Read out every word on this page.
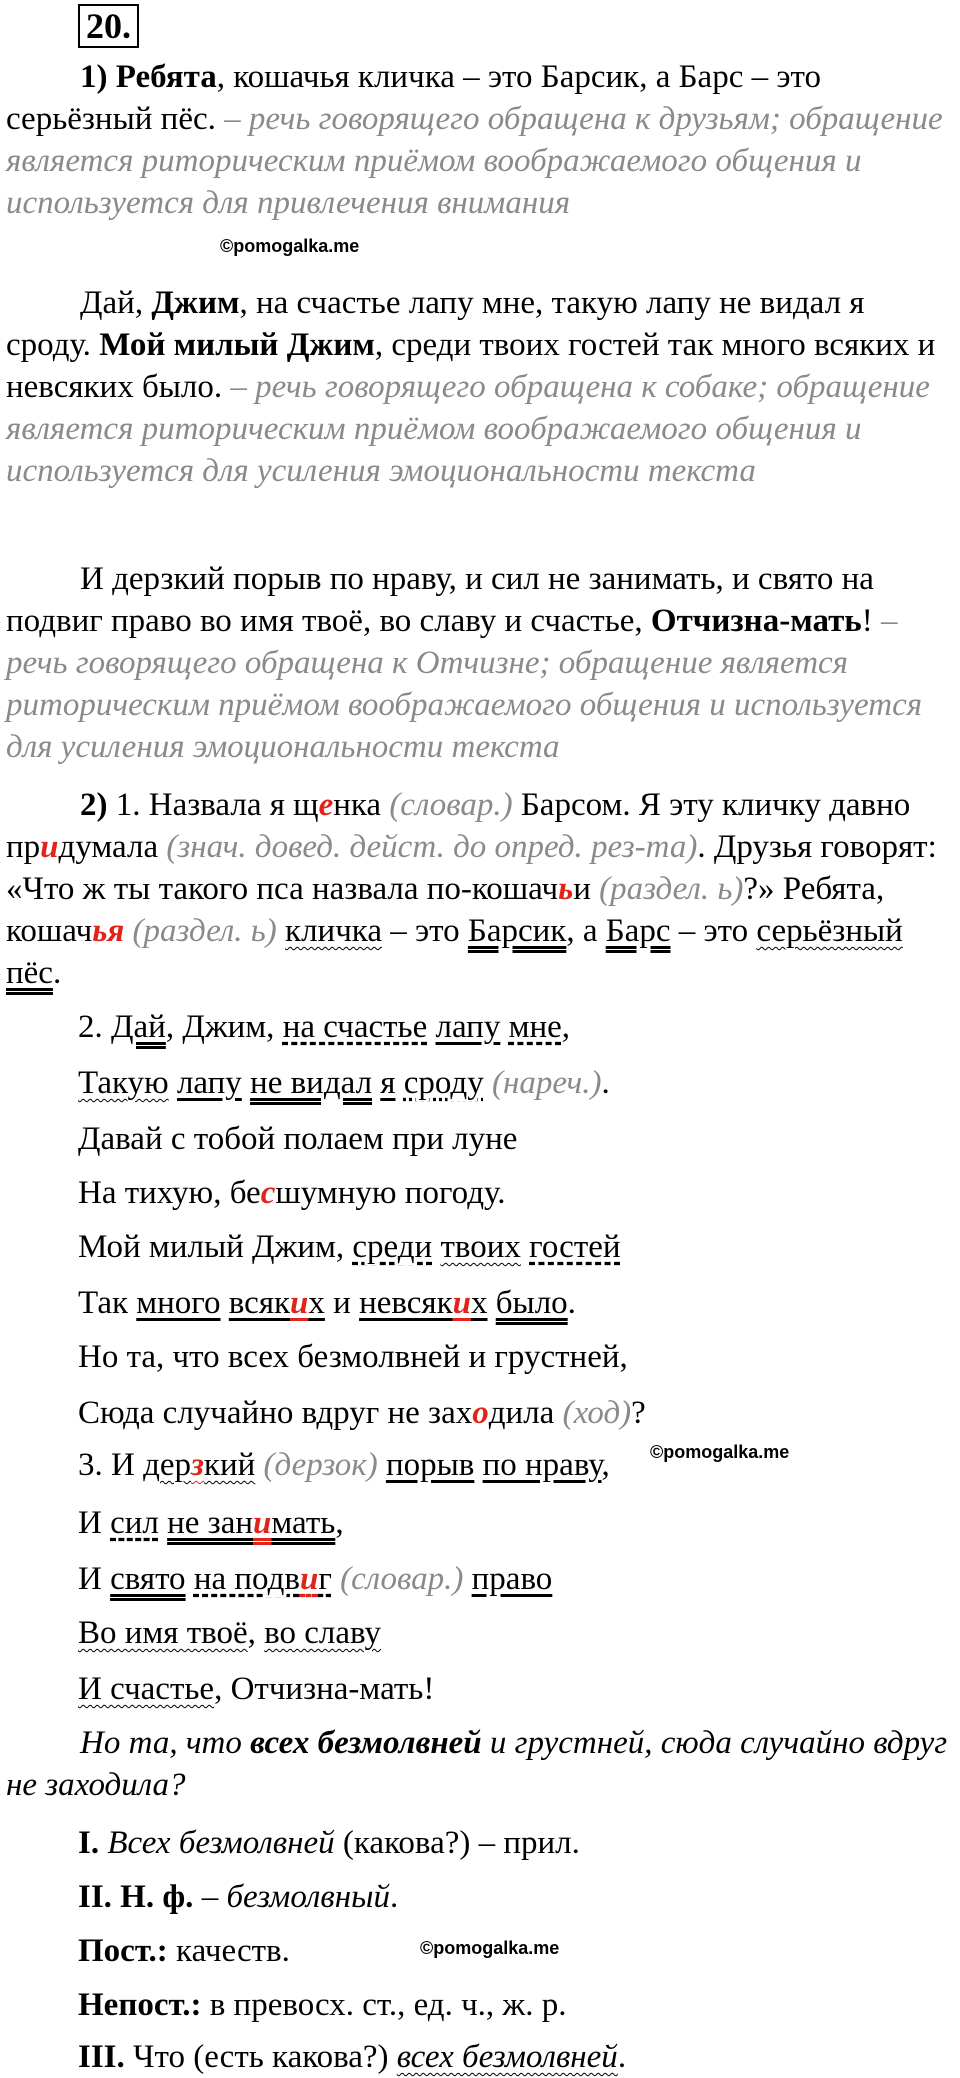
20.
1) Ребята, кошачья кличка – это Барсик, а Барс – это серьёзный пёс. – речь говорящего обращена к друзьям; обращение является риторическим приёмом воображаемого общения и используется для привлечения внимания
©pomogalka.me
Дай, Джим, на счастье лапу мне, такую лапу не видал я сроду. Мой милый Джим, среди твоих гостей так много всяких и невсяких было. – речь говорящего обращена к собаке; обращение является риторическим приёмом воображаемого общения и используется для усиления эмоциональности текста
И дерзкий порыв по нраву, и сил не занимать, и свято на подвиг право во имя твоё, во славу и счастье, Отчизна-мать! – речь говорящего обращена к Отчизне; обращение является риторическим приёмом воображаемого общения и используется для усиления эмоциональности текста
2) 1. Назвала я щенка (словар.) Барсом. Я эту кличку давно придумала (знач. довед. дейст. до опред. рез-та). Друзья говорят: «Что ж ты такого пса назвала по-кошачьи (раздел. ь)?» Ребята, кошачья (раздел. ь) кличка – это Барсик, а Барс – это серьёзный пёс.
2. Дай, Джим, на счастье лапу мне,
Такую лапу не видал я сроду (нареч.).
Давай с тобой полаем при луне
На тихую, бесшумную погоду.
Мой милый Джим, среди твоих гостей
Так много всяких и невсяких было.
Но та, что всех безмолвней и грустней,
Сюда случайно вдруг не заходила (ход)?
3. И дерзкий (дерзок) порыв по нраву, ©pomogalka.me
И сил не занимать,
И свято на подвиг (словар.) право
Во имя твоё, во славу
И счастье, Отчизна-мать!
Но та, что всех безмолвней и грустней, сюда случайно вдруг не заходила?
I. Всех безмолвней (какова?) – прил.
II. Н. ф. – безмолвный.
Пост.: качеств.	©pomogalka.me
Непост.: в превосх. ст., ед. ч., ж. р.
III. Что (есть какова?) всех безмолвней.
